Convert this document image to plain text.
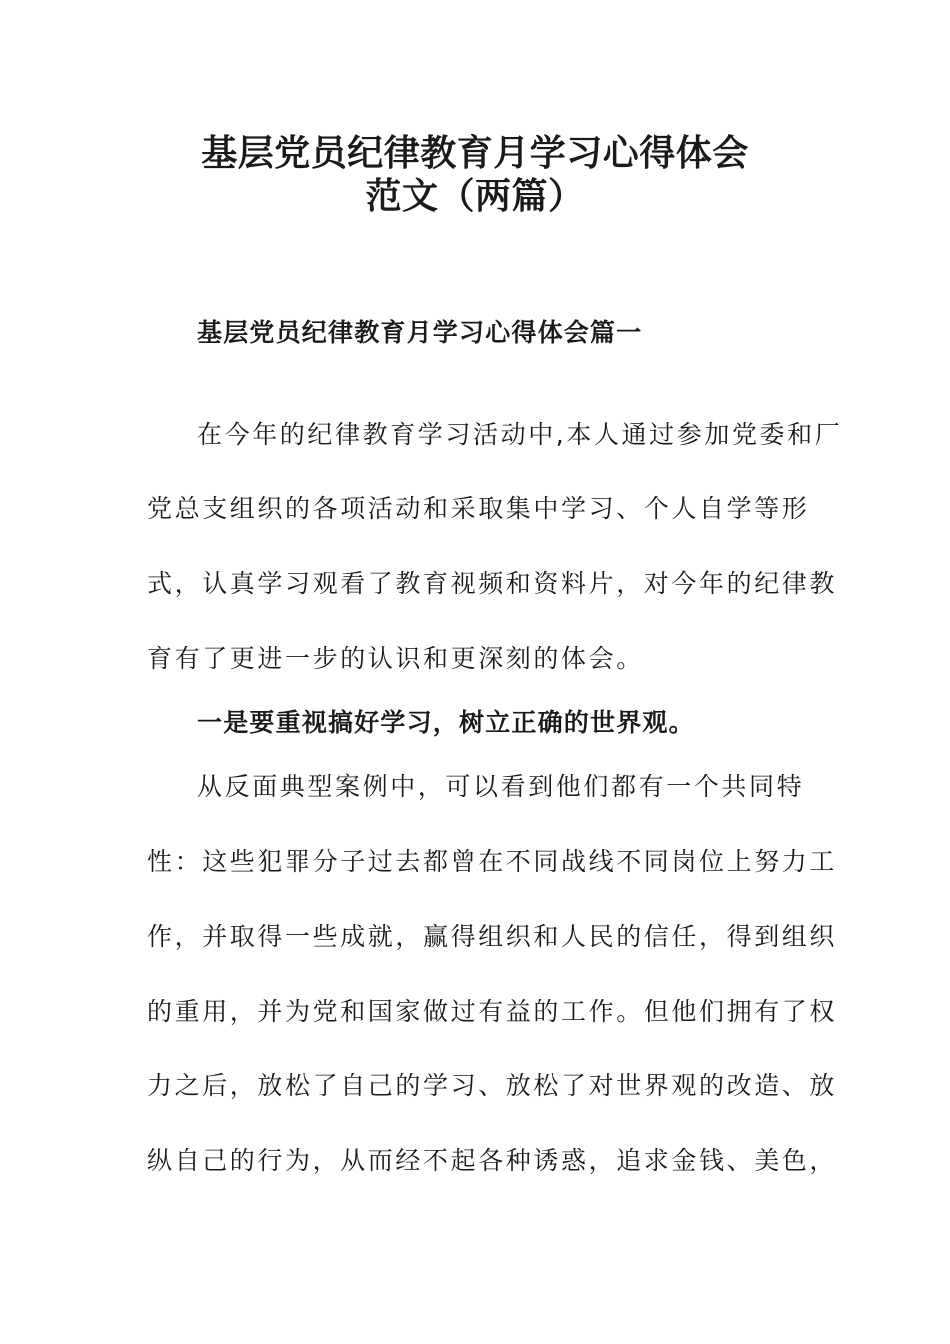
基层党员纪律教育月学习心得体会
范文（两篇）
基层党员纪律教育月学习心得体会篇一
在今年的纪律教育学习活动中,本人通过参加党委和厂
党总支组织的各项活动和采取集中学习、个人自学等形
式，认真学习观看了教育视频和资料片，对今年的纪律教
育有了更进一步的认识和更深刻的体会。
一是要重视搞好学习，树立正确的世界观。
从反面典型案例中，可以看到他们都有一个共同特
性：这些犯罪分子过去都曾在不同战线不同岗位上努力工
作，并取得一些成就，赢得组织和人民的信任，得到组织
的重用，并为党和国家做过有益的工作。但他们拥有了权
力之后，放松了自己的学习、放松了对世界观的改造、放
纵自己的行为，从而经不起各种诱惑，追求金钱、美色，
